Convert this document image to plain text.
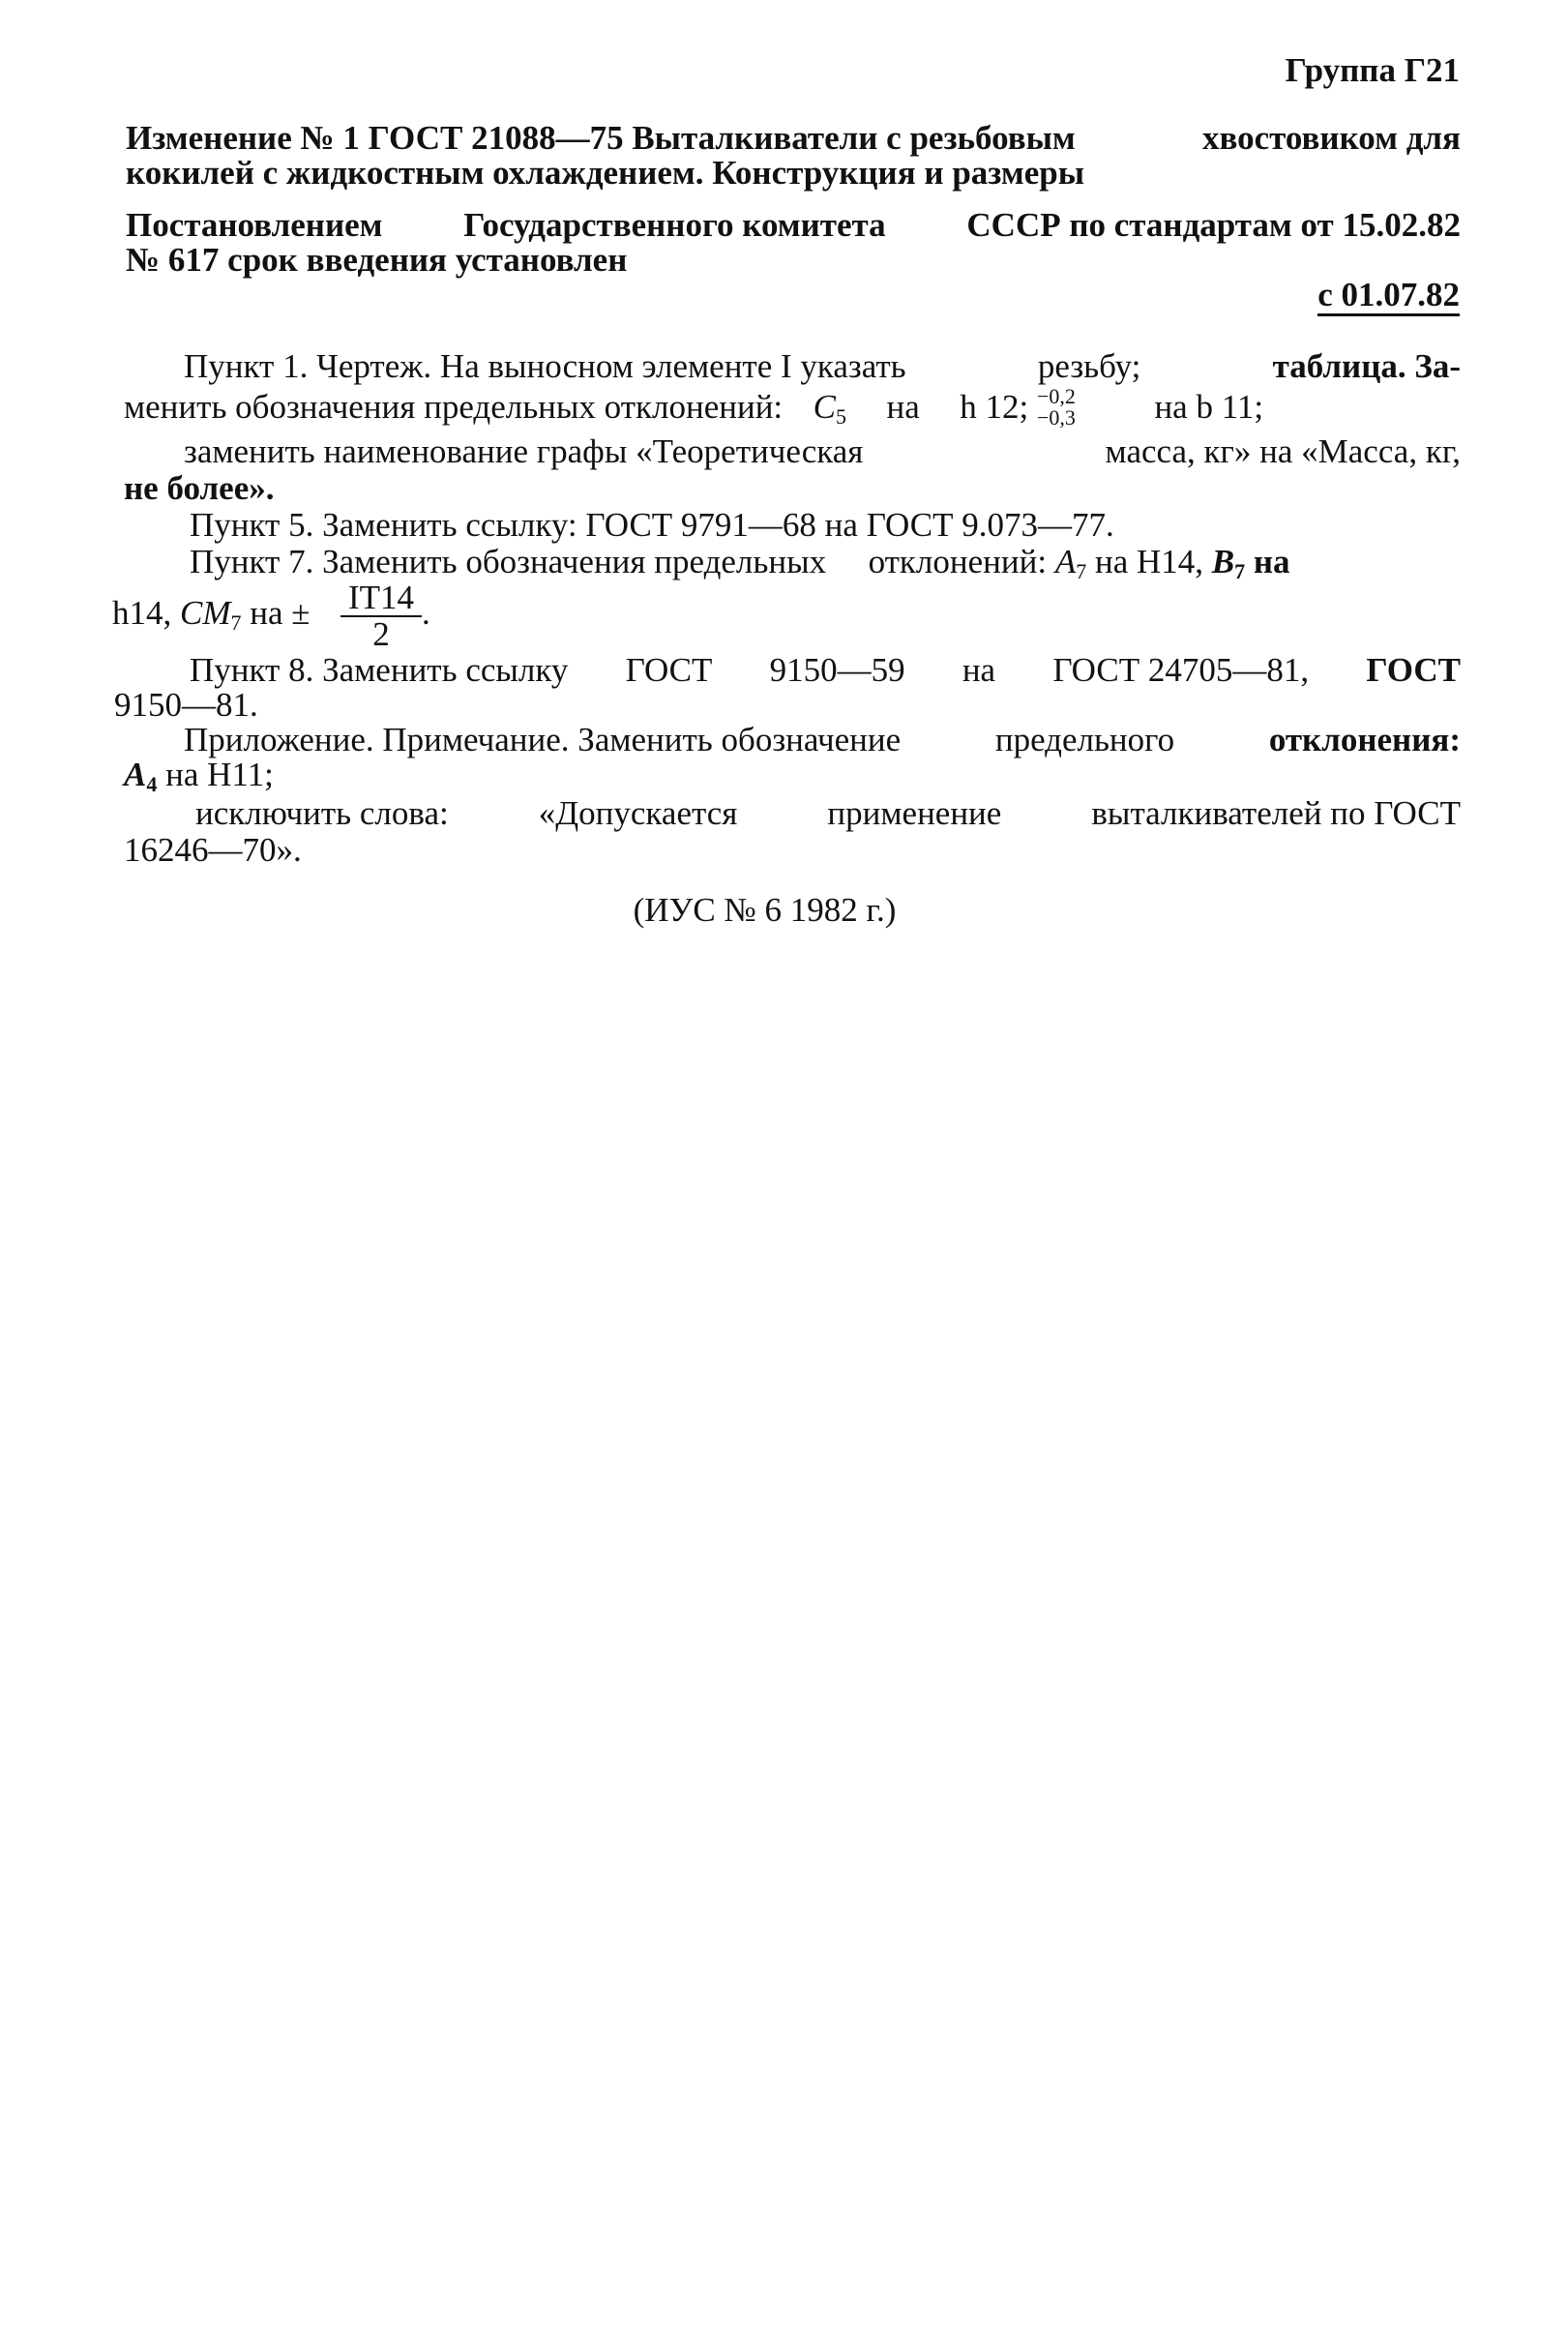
Группа Г21
Изменение № 1 ГОСТ 21088—75 Выталкиватели с резьбовым	хвостовиком для
кокилей с жидкостным охлаждением. Конструкция и размеры
Постановлением Государственного комитета СССР по стандартам от 15.02.82
№ 617 срок введения установлен
с 01.07.82
Пункт 1. Чертеж. На выносном элементе I указать	резьбу;	таблица. За-
менить обозначения предельных отклонений: $C_5$ на h 12; −0,2
−0,3 на b 11;
заменить наименование графы «Теоретическая	масса, кг» на «Масса, кг,
не более».
Пункт 5. Заменить ссылку: ГОСТ 9791—68 на ГОСТ 9.073—77.
Пункт 7. Заменить обозначения предельных отклонений: $A_7$ на H14, $B_7$ на
h14, $CM_7$ на ± $\frac{IT14}{2}$ .
Пункт 8. Заменить ссылку ГОСТ 9150—59 на ГОСТ 24705—81, ГОСТ
9150—81.
Приложение. Примечание. Заменить обозначение	предельного	отклонения:
$A_4$ на H11;
исключить слова:	«Допускается	применение	выталкивателей по ГОСТ
16246—70».
(ИУС № 6 1982 г.)
